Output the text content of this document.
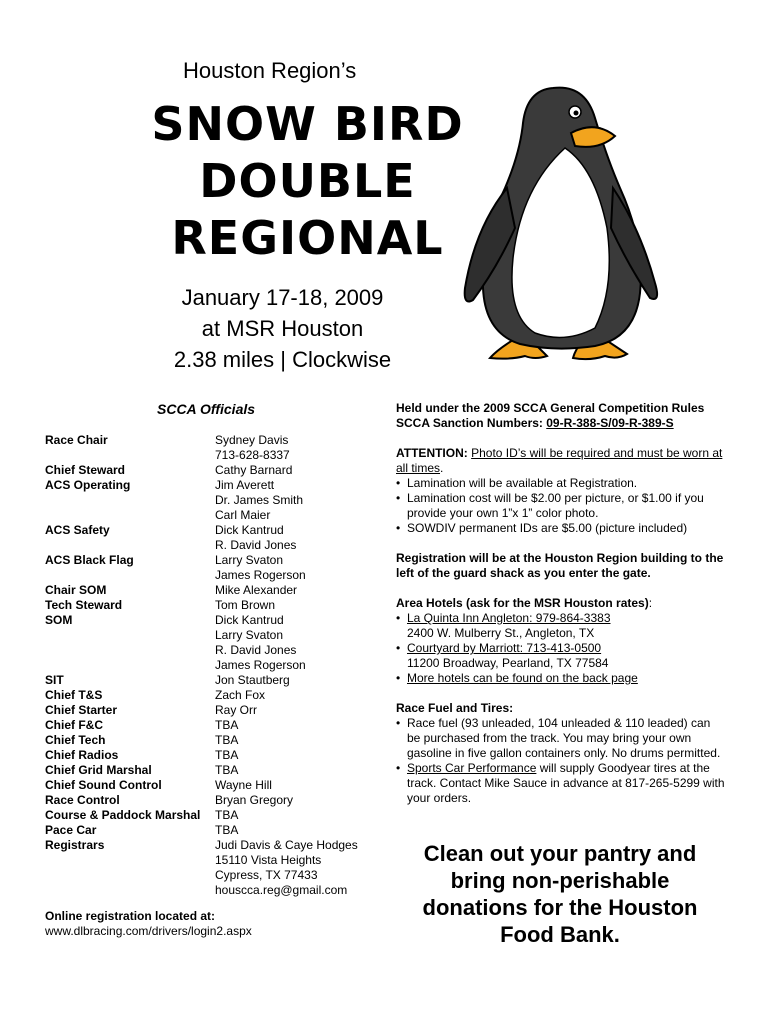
Houston Region’s
SNOW BIRD
DOUBLE
REGIONAL
January 17-18, 2009
at MSR Houston
2.38 miles | Clockwise
SCCA Officials
Race Chair	Sydney Davis
713-628-8337
Chief Steward	Cathy Barnard
ACS Operating	Jim Averett
Dr. James Smith
Carl Maier
ACS Safety	Dick Kantrud
R. David Jones
ACS Black Flag	Larry Svaton
James Rogerson
Chair SOM	Mike Alexander
Tech Steward	Tom Brown
SOM	Dick Kantrud
Larry Svaton
R. David Jones
James Rogerson
SIT	Jon Stautberg
Chief T&S	Zach Fox
Chief Starter	Ray Orr
Chief F&C	TBA
Chief Tech	TBA
Chief Radios	TBA
Chief Grid Marshal	TBA
Chief Sound Control	Wayne Hill
Race Control	Bryan Gregory
Course & Paddock Marshal	TBA
Pace Car	TBA
Registrars	Judi Davis & Caye Hodges
15110 Vista Heights
Cypress, TX 77433
houscca.reg@gmail.com
Online registration located at:
www.dlbracing.com/drivers/login2.aspx
Held under the 2009 SCCA General Competition Rules
SCCA Sanction Numbers: 09-R-388-S/09-R-389-S
ATTENTION: Photo ID’s will be required and must be worn at all times.
• Lamination will be available at Registration.
• Lamination cost will be $2.00 per picture, or $1.00 if you provide your own 1”x 1” color photo.
• SOWDIV permanent IDs are $5.00 (picture included)
Registration will be at the Houston Region building to the left of the guard shack as you enter the gate.
Area Hotels (ask for the MSR Houston rates):
• La Quinta Inn Angleton: 979-864-3383
2400 W. Mulberry St., Angleton, TX
• Courtyard by Marriott: 713-413-0500
11200 Broadway, Pearland, TX 77584
• More hotels can be found on the back page
Race Fuel and Tires:
• Race fuel (93 unleaded, 104 unleaded & 110 leaded) can be purchased from the track. You may bring your own gasoline in five gallon containers only. No drums permitted.
• Sports Car Performance will supply Goodyear tires at the track. Contact Mike Sauce in advance at 817-265-5299 with your orders.
Clean out your pantry and bring non-perishable donations for the Houston Food Bank.
